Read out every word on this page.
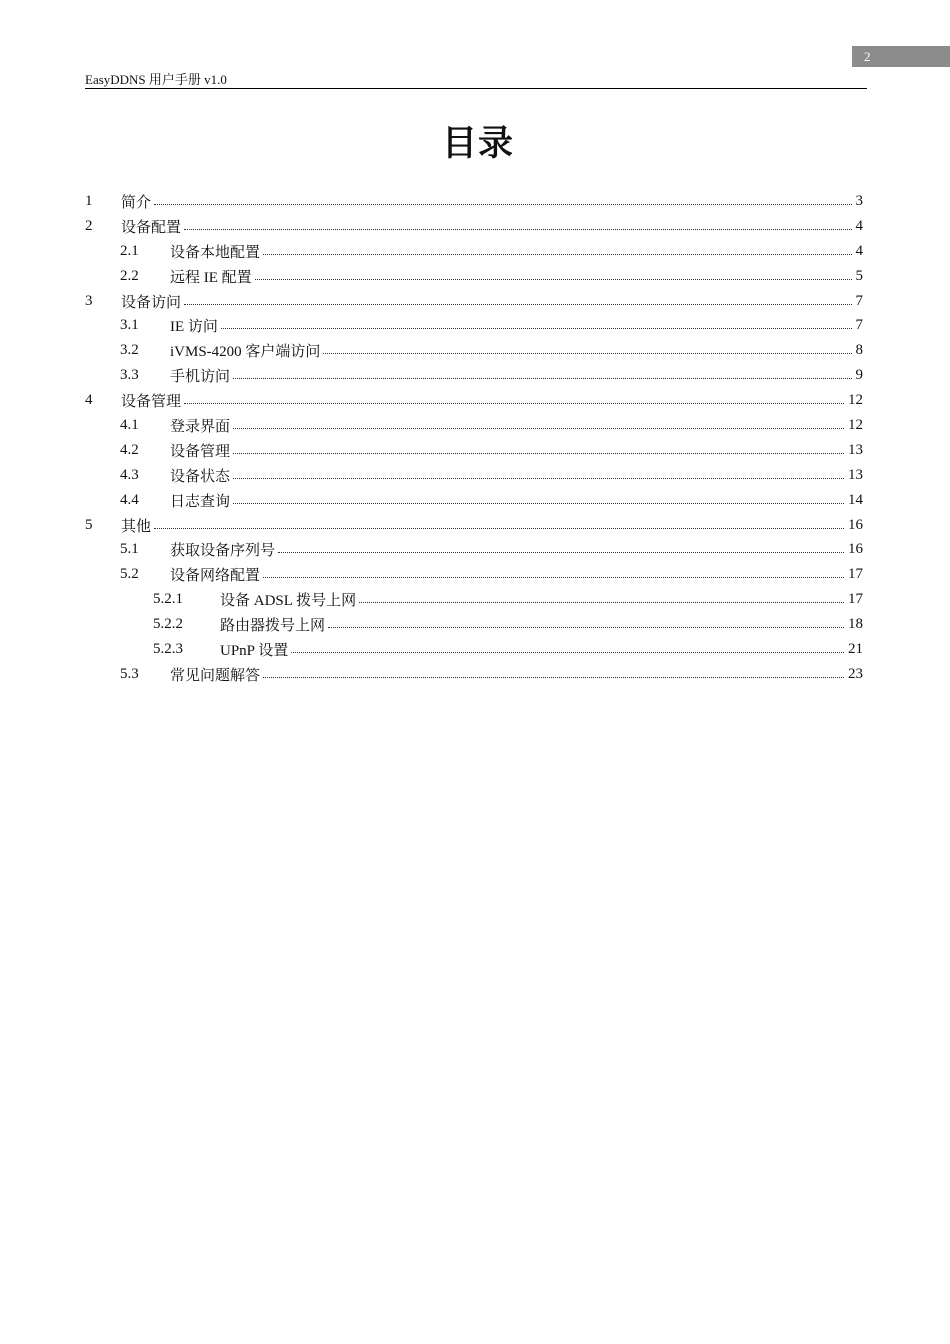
2
EasyDDNS 用户手册 v1.0
目录
1	简介	3
2	设备配置	4
2.1	设备本地配置	4
2.2	远程 IE 配置	5
3	设备访问	7
3.1	IE 访问	7
3.2	iVMS-4200 客户端访问	8
3.3	手机访问	9
4	设备管理	12
4.1	登录界面	12
4.2	设备管理	13
4.3	设备状态	13
4.4	日志查询	14
5	其他	16
5.1	获取设备序列号	16
5.2	设备网络配置	17
5.2.1	设备 ADSL 拨号上网	17
5.2.2	路由器拨号上网	18
5.2.3	UPnP 设置	21
5.3	常见问题解答	23
